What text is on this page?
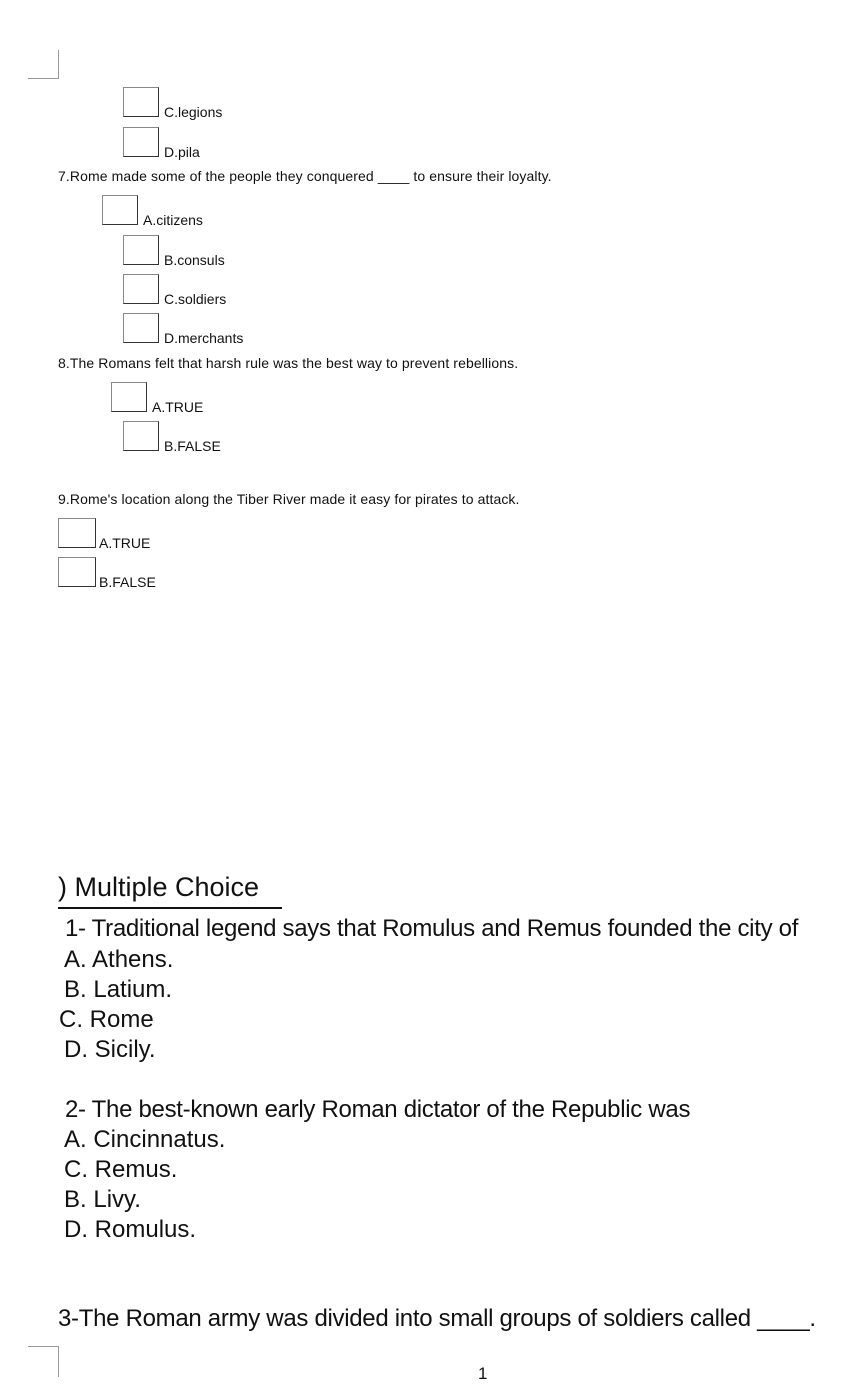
C.legions
D.pila
7.Rome made some of the people they conquered ____ to ensure their loyalty.
A.citizens
B.consuls
C.soldiers
D.merchants
8.The Romans felt that harsh rule was the best way to prevent rebellions.
A.TRUE
B.FALSE
9.Rome's location along the Tiber River made it easy for pirates to attack.
A.TRUE
B.FALSE
) Multiple Choice
1- Traditional legend says that Romulus and Remus founded the city of
A. Athens.
B. Latium.
C. Rome
D. Sicily.
2- The best-known early Roman dictator of the Republic was
A. Cincinnatus.
C. Remus.
B. Livy.
D. Romulus.
3-The Roman army was divided into small groups of soldiers called ____.
1
